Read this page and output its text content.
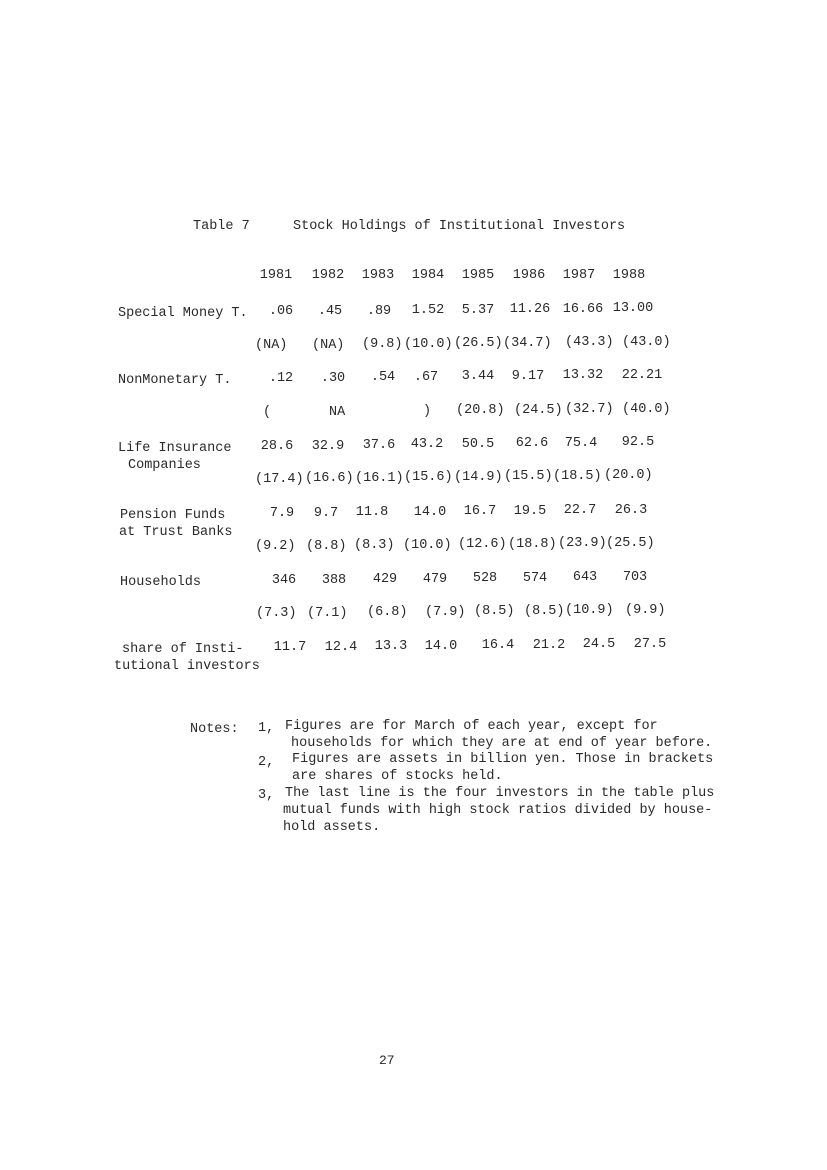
Table 7	Stock Holdings of Institutional Investors
1981	1982	1983	1984	1985	1986	1987	1988
Special Money T.	.06	.45	.89	1.52	5.37	11.26 16.66 13.00
(NA) (NA) (9.8) (10.0) (26.5) (34.7) (43.3) (43.0)
NonMonetary T.	.12	.30	.54	.67	3.44	9.17	13.32	22.21
(	NA	) (20.8) (24.5) (32.7) (40.0)
Life Insurance
Companies
28.6	32.9	37.6	43.2	50.5	62.6	75.4	92.5
(17.4) (16.6) (16.1) (15.6) (14.9) (15.5) (18.5) (20.0)
Pension Funds
at Trust Banks
7.9	9.7	11.8	14.0	16.7	19.5	22.7	26.3
(9.2) (8.8) (8.3) (10.0) (12.6) (18.8) (23.9) (25.5)
Households	346	388	429	479	528	574	643	703
(7.3) (7.1) (6.8) (7.9) (8.5) (8.5) (10.9) (9.9)
share of Insti-
tutional investors
11.7	12.4	13.3	14.0	16.4	21.2	24.5	27.5
Notes: 1, Figures are for March of each year, except for
households for which they are at end of year before.
2, Figures are assets in billion yen. Those in brackets
are shares of stocks held.
3, The last line is the four investors in the table plus
mutual funds with high stock ratios divided by house-
hold assets.
27
